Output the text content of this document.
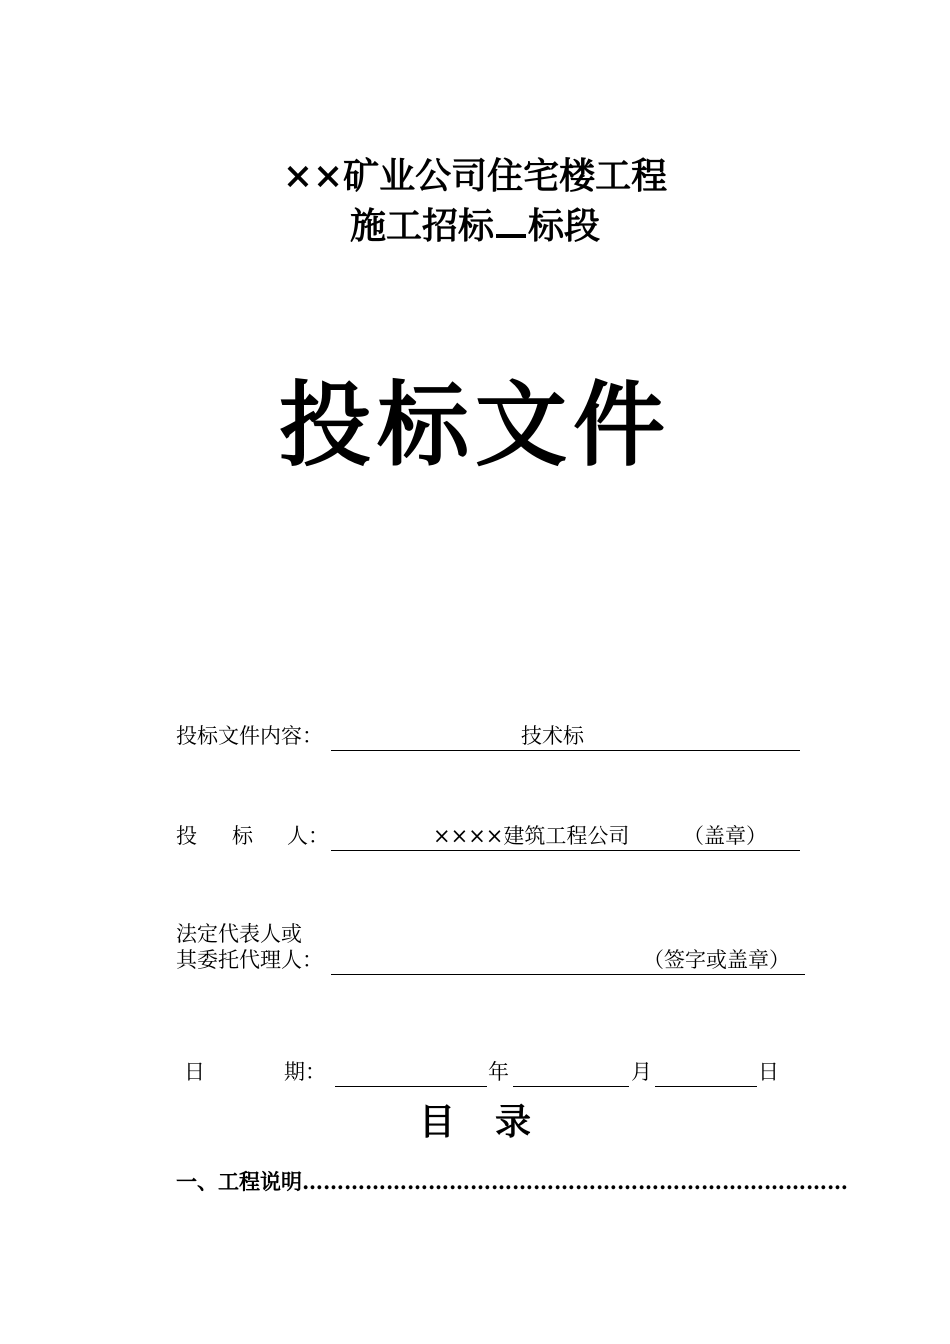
××矿业公司住宅楼工程
施工招标 标段
投标文件
投标文件内容：	技术标
投 标 人：	××××建筑工程公司	（盖章）
法定代表人或
其委托代理人：	（签字或盖章）
日	期：	年	月	日
目录
一、工程说明……………………………………………………………………
